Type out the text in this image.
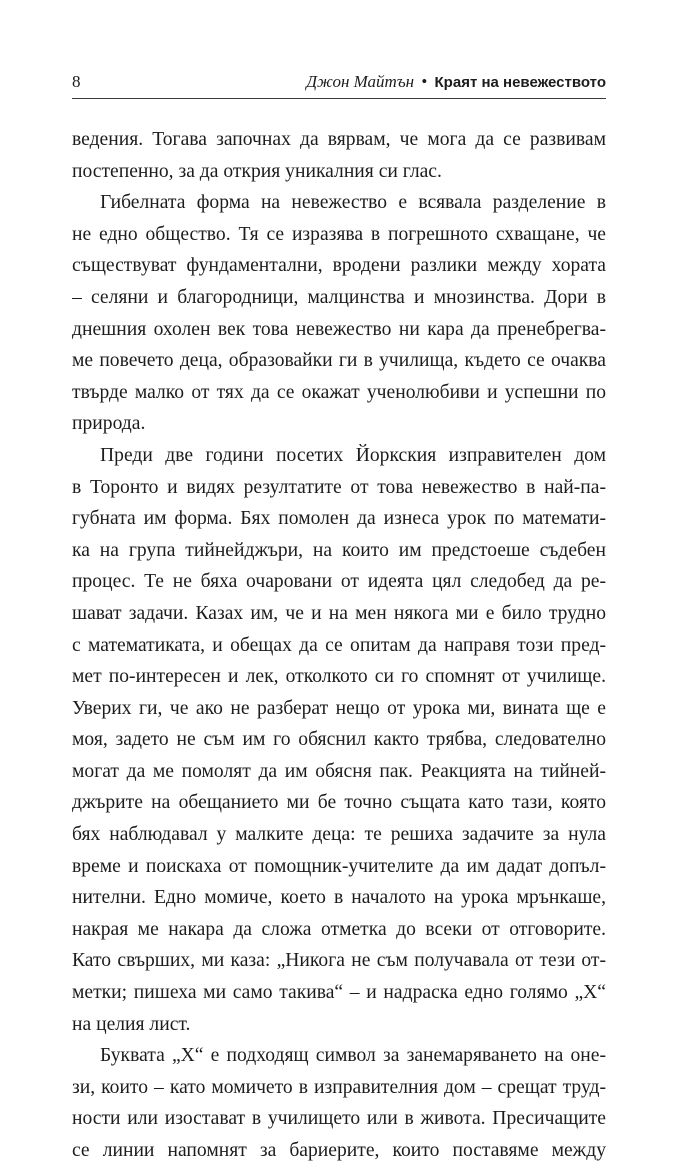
8	Джон Майтън • Краят на невежеството
ведения. Тогава започнах да вярвам, че мога да се развивам
постепенно, за да открия уникалния си глас.
Гибелната форма на невежество е всявала разделение в
не едно общество. Тя се изразява в погрешното схващане, че
съществуват фундаментални, вродени разлики между хората
– селяни и благородници, малцинства и мнозинства. Дори в
днешния охолен век това невежество ни кара да пренебрегва-
ме повечето деца, образовайки ги в училища, където се очаква
твърде малко от тях да се окажат ученолюбиви и успешни по
природа.
Преди две години посетих Йоркския изправителен дом
в Торонто и видях резултатите от това невежество в най-па-
губната им форма. Бях помолен да изнеса урок по математи-
ка на група тийнейджъри, на които им предстоеше съдебен
процес. Те не бяха очаровани от идеята цял следобед да ре-
шават задачи. Казах им, че и на мен някога ми е било трудно
с математиката, и обещах да се опитам да направя този пред-
мет по-интересен и лек, отколкото си го спомнят от училище.
Уверих ги, че ако не разберат нещо от урока ми, вината ще е
моя, задето не съм им го обяснил както трябва, следователно
могат да ме помолят да им обясня пак. Реакцията на тийней-
джърите на обещанието ми бе точно същата като тази, която
бях наблюдавал у малките деца: те решиха задачите за нула
време и поискаха от помощник-учителите да им дадат допъл-
нителни. Едно момиче, което в началото на урока мрънкаше,
накрая ме накара да сложа отметка до всеки от отговорите.
Като свърших, ми каза: „Никога не съм получавала от тези от-
метки; пишеха ми само такива“ – и надраска едно голямо „X“
на целия лист.
Буквата „X“ е подходящ символ за занемаряването на оне-
зи, които – като момичето в изправителния дом – срещат труд-
ности или изостават в училището или в живота. Пресичащите
се линии напомнят за бариерите, които поставяме между
